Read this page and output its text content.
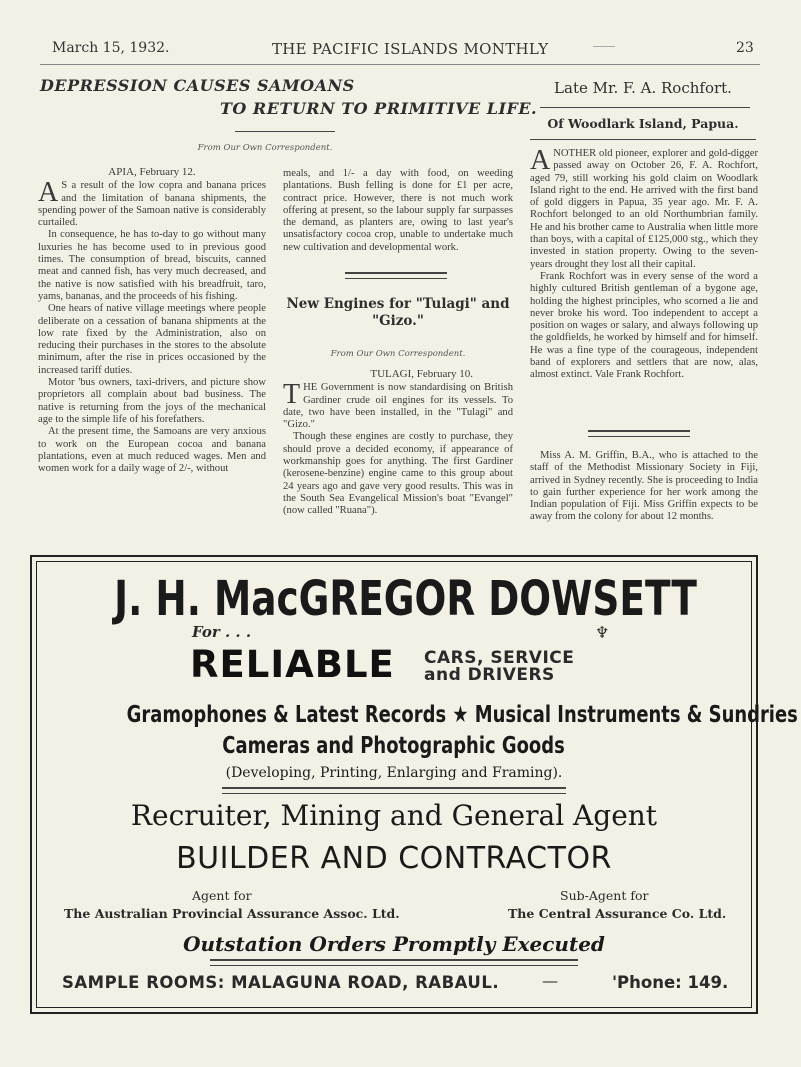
March 15, 1932.	THE PACIFIC ISLANDS MONTHLY	23
DEPRESSION CAUSES SAMOANS
TO RETURN TO PRIMITIVE LIFE.
From Our Own Correspondent.
APIA, February 12.

A S a result of the low copra and banana prices and the limitation of banana shipments, the spending power of the Samoan native is considerably curtailed.

In consequence, he has to-day to go without many luxuries he has become used to in previous good times. The consumption of bread, biscuits, canned meat and canned fish, has very much decreased, and the native is now satisfied with his breadfruit, taro, yams, bananas, and the proceeds of his fishing.

One hears of native village meetings where people deliberate on a cessation of banana shipments at the low rate fixed by the Administration, also on reducing their purchases in the stores to the absolute minimum, after the rise in prices occasioned by the increased tariff duties.

Motor 'bus owners, taxi-drivers, and picture show proprietors all complain about bad business. The native is returning from the joys of the mechanical age to the simple life of his forefathers.

At the present time, the Samoans are very anxious to work on the European cocoa and banana plantations, even at much reduced wages. Men and women work for a daily wage of 2/-, without

meals, and 1/- a day with food, on weeding plantations. Bush felling is done for £1 per acre, contract price. However, there is not much work offering at present, so the labour supply far surpasses the demand, as planters are, owing to last year's unsatisfactory cocoa crop, unable to undertake much new cultivation and developmental work.

New Engines for "Tulagi" and "Gizo."
From Our Own Correspondent.
TULAGI, February 10.

THE Government is now standardising on British Gardiner crude oil engines for its vessels. To date, two have been installed, in the "Tulagi" and "Gizo."

Though these engines are costly to purchase, they should prove a decided economy, if appearance of workmanship goes for anything. The first Gardiner (kerosene-benzine) engine came to this group about 24 years ago and gave very good results. This was in the South Sea Evangelical Mission's boat "Evangel" (now called "Ruana").

Late Mr. F. A. Rochfort.
Of Woodlark Island, Papua.

ANOTHER old pioneer, explorer and gold-digger passed away on October 26, F. A. Rochfort, aged 79, still working his gold claim on Woodlark Island right to the end. He arrived with the first band of gold diggers in Papua, 35 year ago. Mr. F. A. Rochfort belonged to an old Northumbrian family. He and his brother came to Australia when little more than boys, with a capital of £125,000 stg., which they invested in station property. Owing to the seven-years drought they lost all their capital.

Frank Rochfort was in every sense of the word a highly cultured British gentleman of a bygone age, holding the highest principles, who scorned a lie and never broke his word. Too independent to accept a position on wages or salary, and always following up the goldfields, he worked by himself and for himself. He was a fine type of the courageous, independent band of explorers and settlers that are now, alas, almost extinct. Vale Frank Rochfort.

Miss A. M. Griffin, B.A., who is attached to the staff of the Methodist Missionary Society in Fiji, arrived in Sydney recently. She is proceeding to India to gain further experience for her work among the Indian population of Fiji. Miss Griffin expects to be away from the colony for about 12 months.

J. H. MacGREGOR DOWSETT
For . . .	♆
RELIABLE CARS, SERVICE
and DRIVERS
Gramophones & Latest Records ★ Musical Instruments & Sundries
Cameras and Photographic Goods
(Developing, Printing, Enlarging and Framing).
Recruiter, Mining and General Agent
BUILDER AND CONTRACTOR
Agent for
The Australian Provincial Assurance Assoc. Ltd.
Sub-Agent for
The Central Assurance Co. Ltd.
Outstation Orders Promptly Executed
SAMPLE ROOMS: MALAGUNA ROAD, RABAUL.	—	'Phone: 149.
